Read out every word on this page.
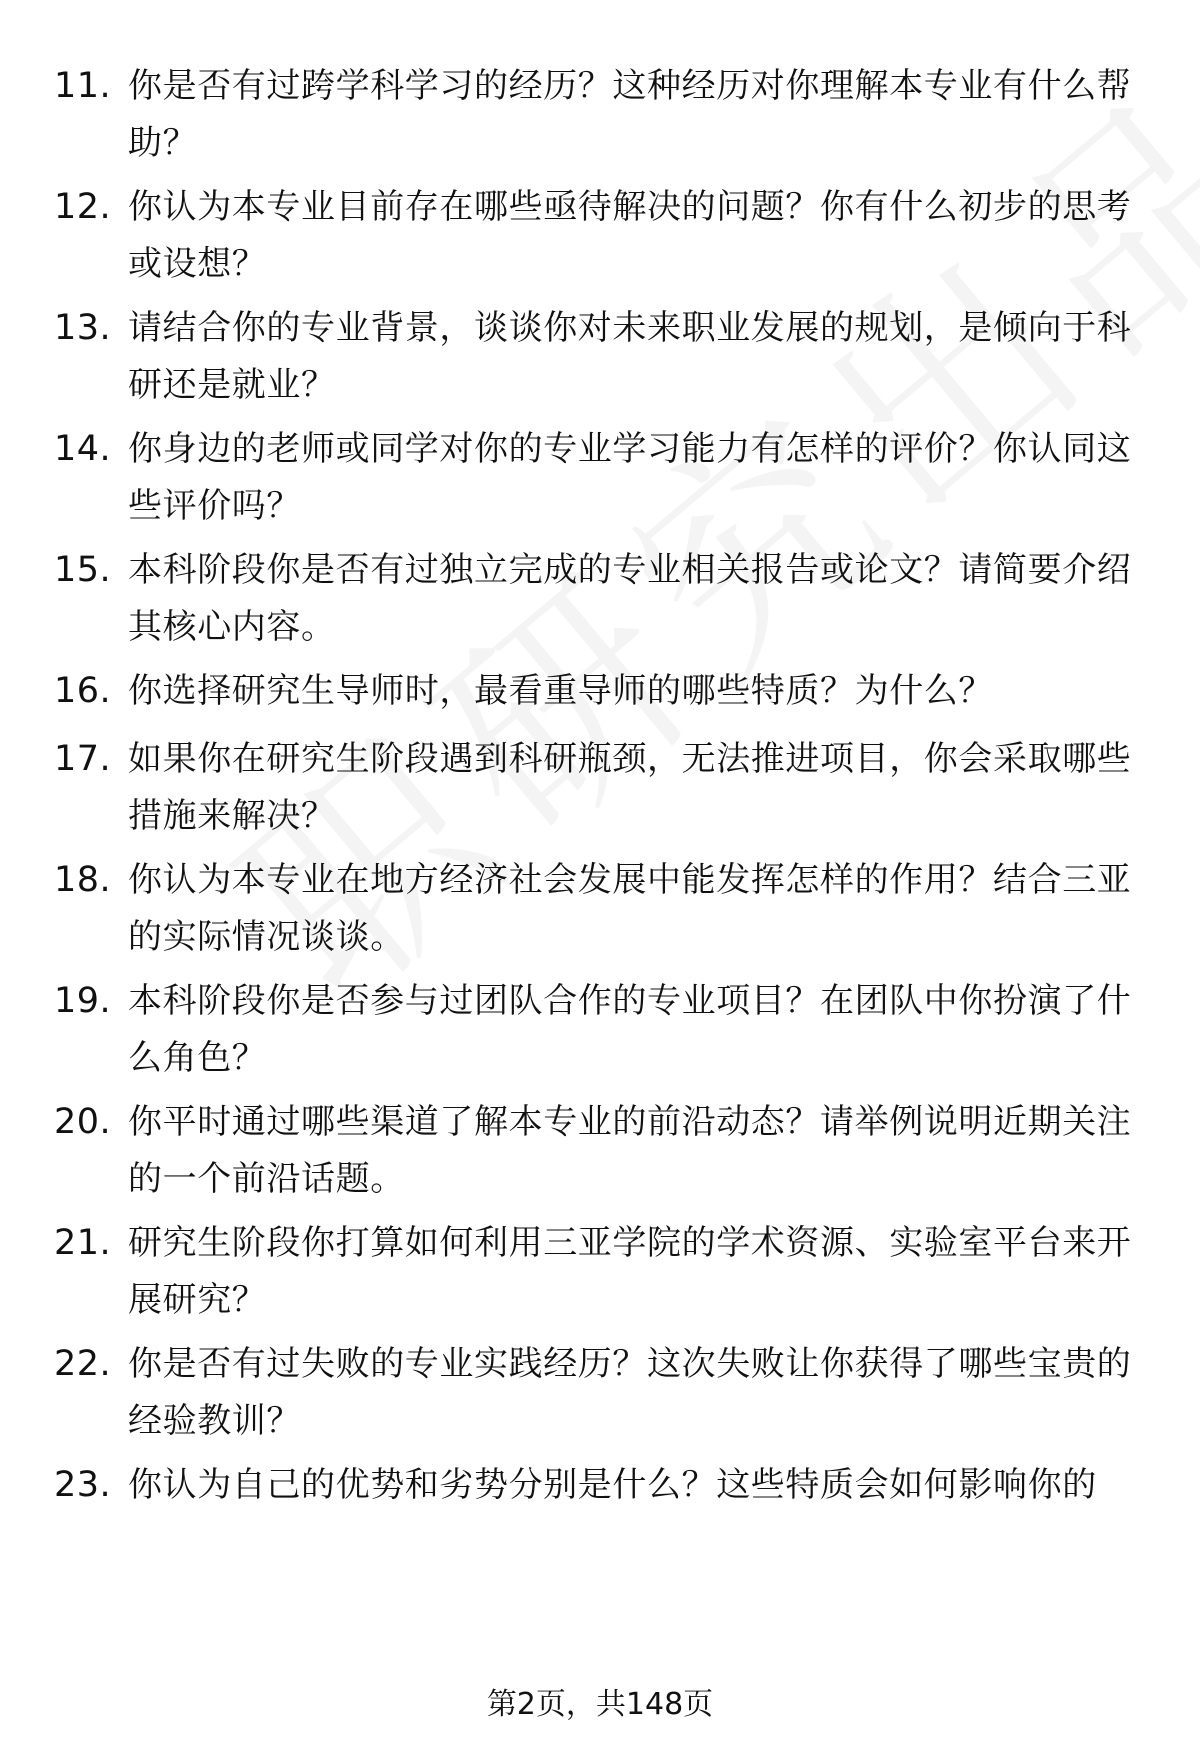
11. 你是否有过跨学科学习的经历？这种经历对你理解本专业有什么帮助？
12. 你认为本专业目前存在哪些亟待解决的问题？你有什么初步的思考或设想？
13. 请结合你的专业背景，谈谈你对未来职业发展的规划，是倾向于科研还是就业？
14. 你身边的老师或同学对你的专业学习能力有怎样的评价？你认同这些评价吗？
15. 本科阶段你是否有过独立完成的专业相关报告或论文？请简要介绍其核心内容。
16. 你选择研究生导师时，最看重导师的哪些特质？为什么？
17. 如果你在研究生阶段遇到科研瓶颈，无法推进项目，你会采取哪些措施来解决？
18. 你认为本专业在地方经济社会发展中能发挥怎样的作用？结合三亚的实际情况谈谈。
19. 本科阶段你是否参与过团队合作的专业项目？在团队中你扮演了什么角色？
20. 你平时通过哪些渠道了解本专业的前沿动态？请举例说明近期关注的一个前沿话题。
21. 研究生阶段你打算如何利用三亚学院的学术资源、实验室平台来开展研究？
22. 你是否有过失败的专业实践经历？这次失败让你获得了哪些宝贵的经验教训？
23. 你认为自己的优势和劣势分别是什么？这些特质会如何影响你的
第2页，共148页
